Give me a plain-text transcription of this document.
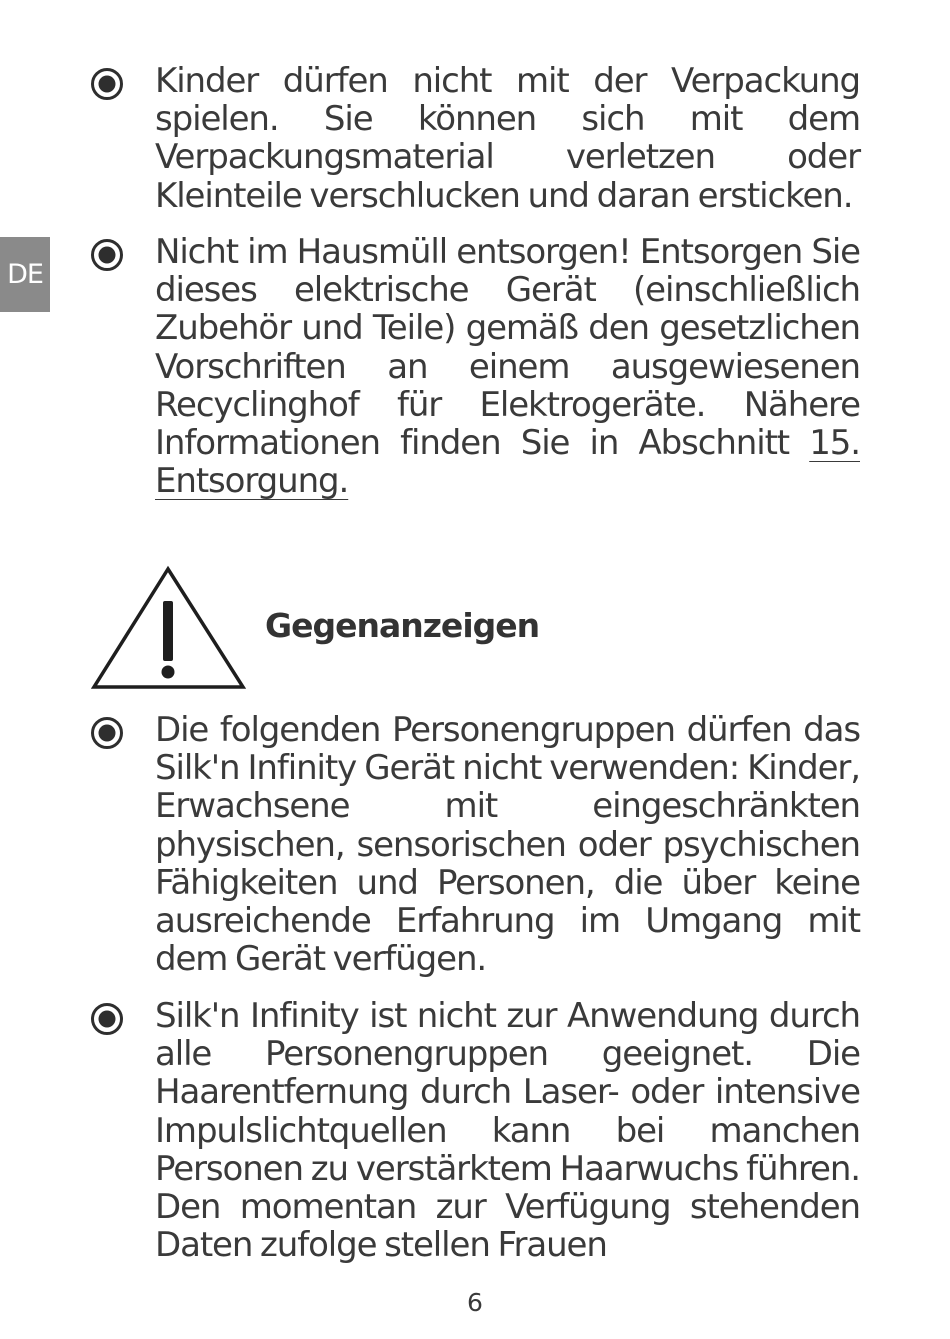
DE
Kinder dürfen nicht mit der Verpackung spielen. Sie können sich mit dem Verpackungsmaterial verletzen oder Kleinteile verschlucken und daran ersticken.
Nicht im Hausmüll entsorgen! Entsorgen Sie dieses elektrische Gerät (einschließlich Zubehör und Teile) gemäß den gesetzlichen Vorschriften an einem ausgewiesenen Recyclinghof für Elektrogeräte. Nähere Informationen finden Sie in Abschnitt 15. Entsorgung.
Gegenanzeigen
Die folgenden Personengruppen dürfen das Silk'n Infinity Gerät nicht verwenden: Kinder, Erwachsene mit eingeschränkten physischen, sensorischen oder psychischen Fähigkeiten und Personen, die über keine ausreichende Erfahrung im Umgang mit dem Gerät verfügen.
Silk'n Infinity ist nicht zur Anwendung durch alle Personengruppen geeignet. Die Haarentfernung durch Laser- oder intensive Impulslichtquellen kann bei manchen Personen zu verstärktem Haarwuchs führen. Den momentan zur Verfügung stehenden Daten zufolge stellen Frauen
6
